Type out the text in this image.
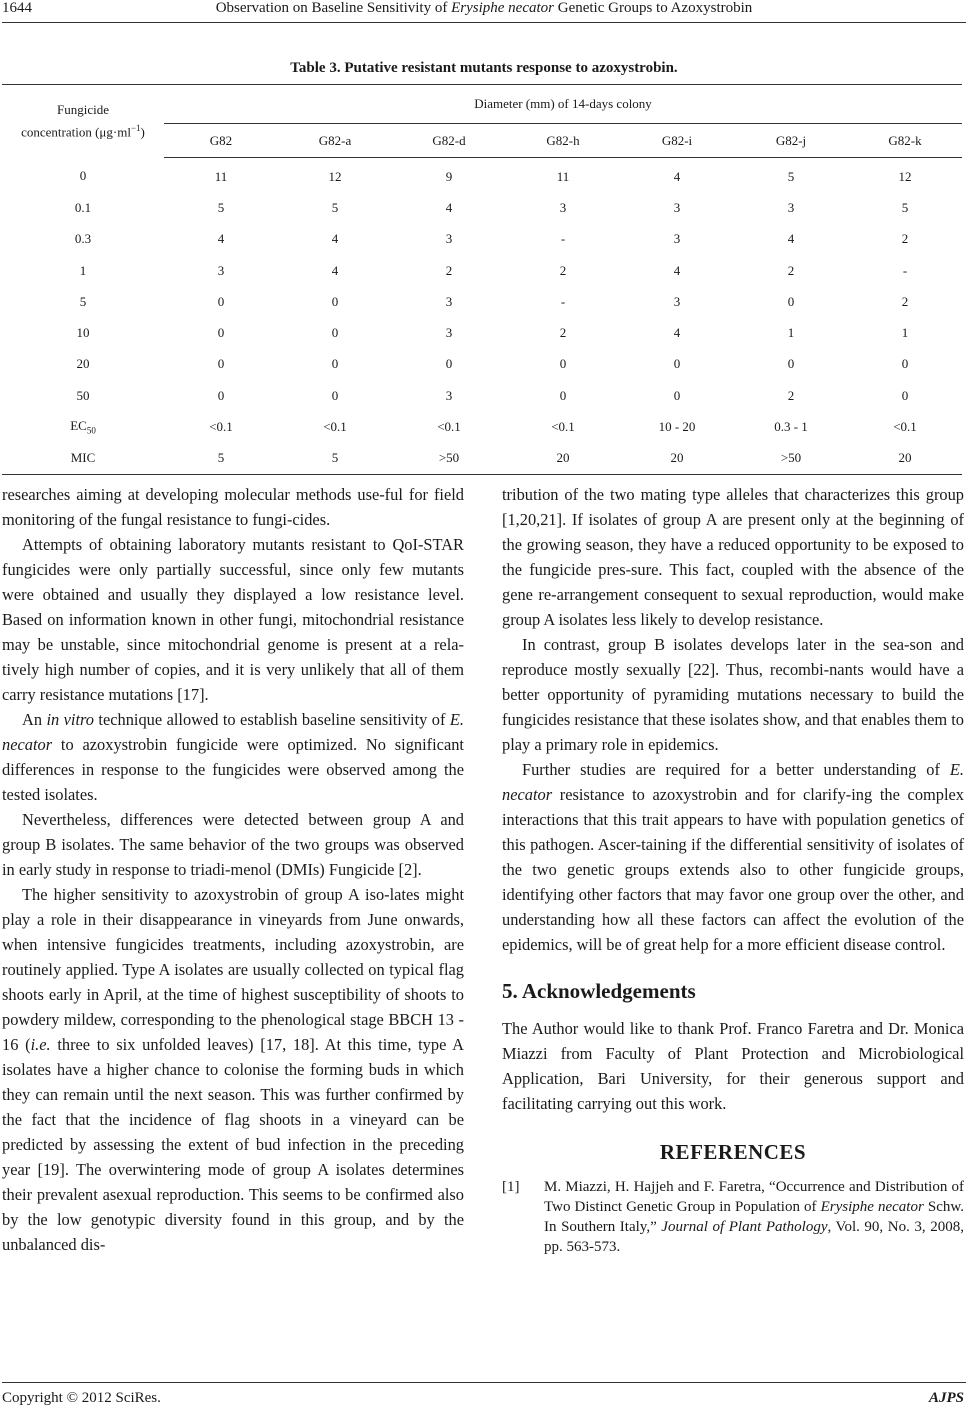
1644	Observation on Baseline Sensitivity of Erysiphe necator Genetic Groups to Azoxystrobin
Table 3. Putative resistant mutants response to azoxystrobin.
Fungicide
concentration $(\mu g\cdot ml^{-1})$	Diameter (mm) of 14-days colony						
	G82	G82-a	G82-d	G82-h	G82-i	G82-j	G82-k
0	11	12	9	11	4	5	12
0.1	5	5	4	3	3	3	5
0.3	4	4	3	-	3	4	2
1	3	4	2	2	4	2	-
5	0	0	3	-	3	0	2
10	0	0	3	2	4	1	1
20	0	0	0	0	0	0	0
50	0	0	3	0	0	2	0
$EC_{50}$	<0.1	<0.1	<0.1	<0.1	10 - 20	0.3 - 1	<0.1
MIC	5	5	>50	20	20	>50	20

researches aiming at developing molecular methods use-ful for field monitoring of the fungal resistance to fungi-cides.

Attempts of obtaining laboratory mutants resistant to QoI-STAR fungicides were only partially successful, since only few mutants were obtained and usually they displayed a low resistance level. Based on information known in other fungi, mitochondrial resistance may be unstable, since mitochondrial genome is present at a rela-tively high number of copies, and it is very unlikely that all of them carry resistance mutations [17].

An in vitro technique allowed to establish baseline sensitivity of E. necator to azoxystrobin fungicide were optimized. No significant differences in response to the fungicides were observed among the tested isolates.

Nevertheless, differences were detected between group A and group B isolates. The same behavior of the two groups was observed in early study in response to triadi-menol (DMIs) Fungicide [2].

The higher sensitivity to azoxystrobin of group A iso-lates might play a role in their disappearance in vineyards from June onwards, when intensive fungicides treatments, including azoxystrobin, are routinely applied. Type A isolates are usually collected on typical flag shoots early in April, at the time of highest susceptibility of shoots to powdery mildew, corresponding to the phenological stage BBCH 13 - 16 (i.e. three to six unfolded leaves) [17, 18]. At this time, type A isolates have a higher chance to colonise the forming buds in which they can remain until the next season. This was further confirmed by the fact that the incidence of flag shoots in a vineyard can be predicted by assessing the extent of bud infection in the preceding year [19]. The overwintering mode of group A isolates determines their prevalent asexual reproduction. This seems to be confirmed also by the low genotypic diversity found in this group, and by the unbalanced dis-

tribution of the two mating type alleles that characterizes this group [1,20,21]. If isolates of group A are present only at the beginning of the growing season, they have a reduced opportunity to be exposed to the fungicide pres-sure. This fact, coupled with the absence of the gene re-arrangement consequent to sexual reproduction, would make group A isolates less likely to develop resistance.

In contrast, group B isolates develops later in the sea-son and reproduce mostly sexually [22]. Thus, recombi-nants would have a better opportunity of pyramiding mutations necessary to build the fungicides resistance that these isolates show, and that enables them to play a primary role in epidemics.

Further studies are required for a better understanding of E. necator resistance to azoxystrobin and for clarify-ing the complex interactions that this trait appears to have with population genetics of this pathogen. Ascer-taining if the differential sensitivity of isolates of the two genetic groups extends also to other fungicide groups, identifying other factors that may favor one group over the other, and understanding how all these factors can affect the evolution of the epidemics, will be of great help for a more efficient disease control.

5. Acknowledgements

The Author would like to thank Prof. Franco Faretra and Dr. Monica Miazzi from Faculty of Plant Protection and Microbiological Application, Bari University, for their generous support and facilitating carrying out this work.

REFERENCES

[1]	M. Miazzi, H. Hajjeh and F. Faretra, “Occurrence and Distribution of Two Distinct Genetic Group in Population of Erysiphe necator Schw. In Southern Italy,” Journal of Plant Pathology, Vol. 90, No. 3, 2008, pp. 563-573.
Copyright © 2012 SciRes.	AJPS
